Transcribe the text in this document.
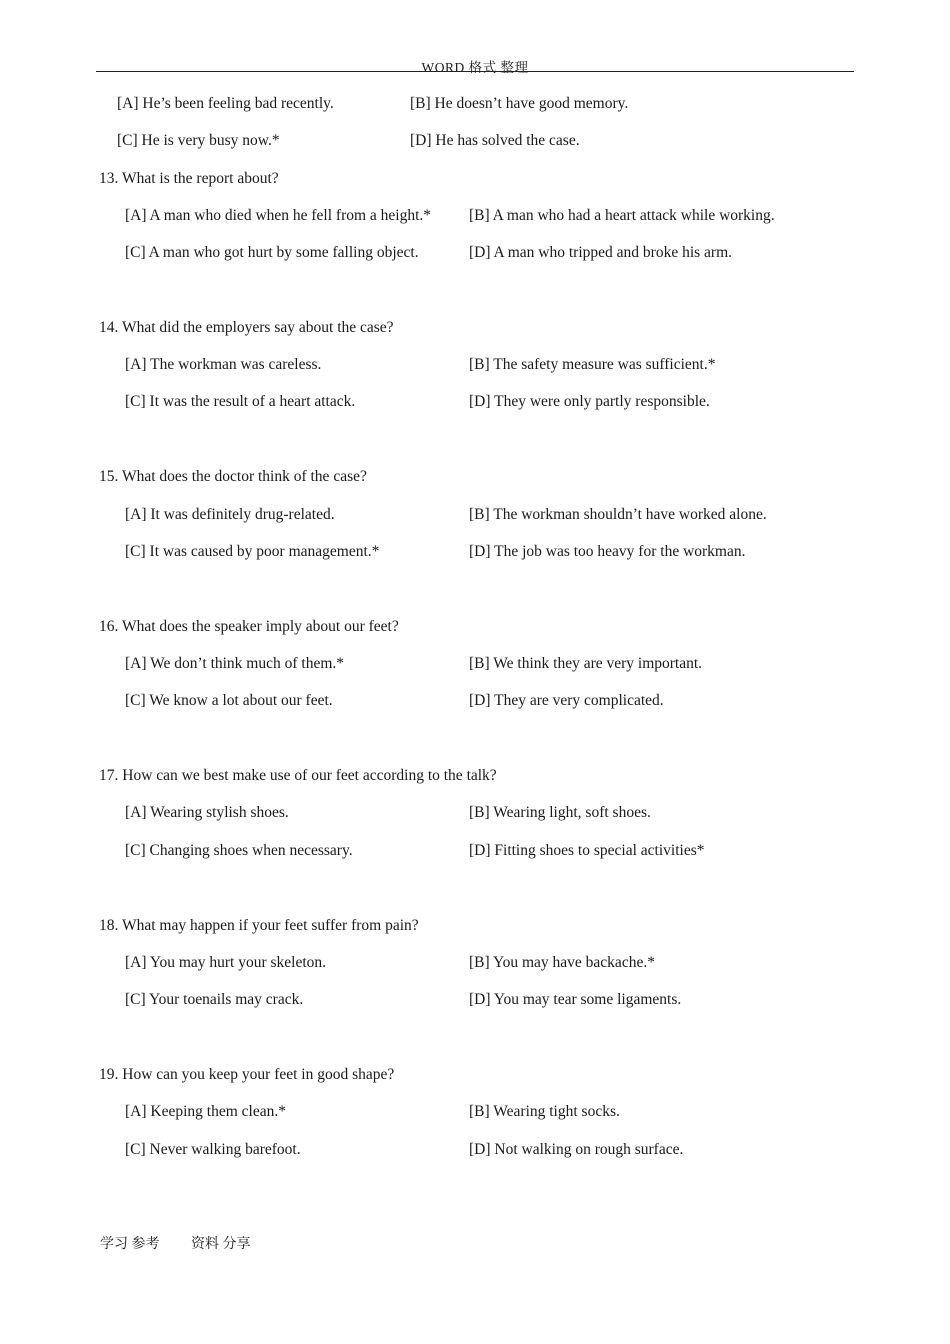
WORD 格式 整理
[A] He’s been feeling bad recently.	[B] He doesn’t have good memory.
[C] He is very busy now.*	[D] He has solved the case.
13. What is the report about?
[A] A man who died when he fell from a height.* [B] A man who had a heart attack while working.
[C] A man who got hurt by some falling object.	[D] A man who tripped and broke his arm.
14. What did the employers say about the case?
[A] The workman was careless.	[B] The safety measure was sufficient.*
[C] It was the result of a heart attack.	[D] They were only partly responsible.
15. What does the doctor think of the case?
[A] It was definitely drug-related.	[B] The workman shouldn’t have worked alone.
[C] It was caused by poor management.*	[D] The job was too heavy for the workman.
16. What does the speaker imply about our feet?
[A] We don’t think much of them.*	[B] We think they are very important.
[C] We know a lot about our feet.	[D] They are very complicated.
17. How can we best make use of our feet according to the talk?
[A] Wearing stylish shoes.	[B] Wearing light, soft shoes.
[C] Changing shoes when necessary.	[D] Fitting shoes to special activities*
18. What may happen if your feet suffer from pain?
[A] You may hurt your skeleton.	[B] You may have backache.*
[C] Your toenails may crack.	[D] You may tear some ligaments.
19. How can you keep your feet in good shape?
[A] Keeping them clean.*	[B] Wearing tight socks.
[C] Never walking barefoot.	[D] Not walking on rough surface.
学习 参考 资料 分享
